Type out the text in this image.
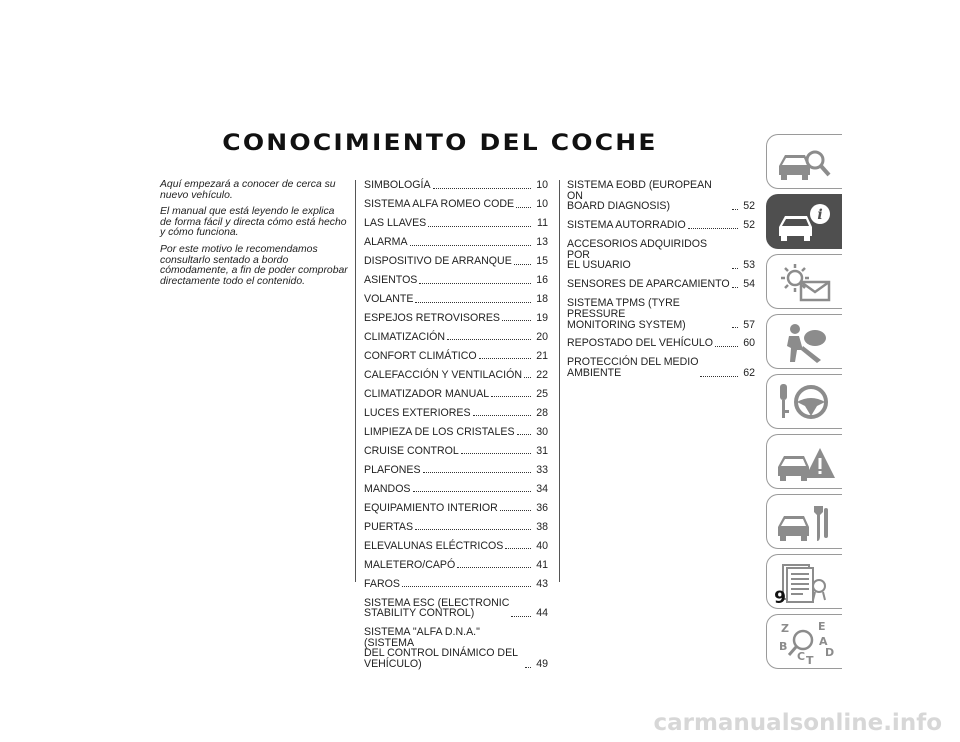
CONOCIMIENTO DEL COCHE

Aquí empezará a conocer de cerca su nuevo vehículo.

El manual que está leyendo le explica de forma fácil y directa cómo está hecho y cómo funciona.

Por este motivo le recomendamos consultarlo sentado a bordo cómodamente, a fin de poder comprobar directamente todo el contenido.

SIMBOLOGÍA	10
SISTEMA ALFA ROMEO CODE 10
LAS LLAVES	11
ALARMA	13
DISPOSITIVO DE ARRANQUE 15
ASIENTOS	16
VOLANTE	18
ESPEJOS RETROVISORES	19
CLIMATIZACIÓN	20
CONFORT CLIMÁTICO	21
CALEFACCIÓN Y VENTILACIÓN 22
CLIMATIZADOR MANUAL	25
LUCES EXTERIORES	28
LIMPIEZA DE LOS CRISTALES 30
CRUISE CONTROL	31
PLAFONES	33
MANDOS	34
EQUIPAMIENTO INTERIOR	36
PUERTAS	38
ELEVALUNAS ELÉCTRICOS	40
MALETERO/CAPÓ	41
FAROS	43
SISTEMA ESC (ELECTRONIC
STABILITY CONTROL)	44
SISTEMA "ALFA D.N.A." (SISTEMA
DEL CONTROL DINÁMICO DEL
VEHÍCULO)	49
SISTEMA EOBD (EUROPEAN ON
BOARD DIAGNOSIS)	52
SISTEMA AUTORRADIO	52
ACCESORIOS ADQUIRIDOS POR
EL USUARIO	53
SENSORES DE APARCAMIENTO 54
SISTEMA TPMS (TYRE PRESSURE
MONITORING SYSTEM)	57
REPOSTADO DEL VEHÍCULO	60
PROTECCIÓN DEL MEDIO
AMBIENTE	62
i
Z	E
A
B
C T
D
9
carmanualsonline.info
